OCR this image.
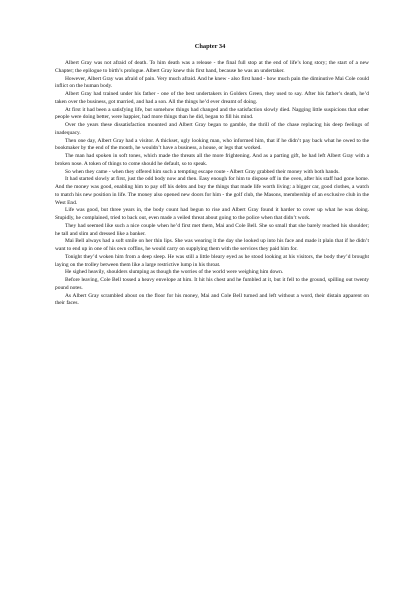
Chapter 34

Albert Gray was not afraid of death. To him death was a release - the final full stop at the end of life’s long story; the start of a new Chapter; the epilogue to birth’s prologue. Albert Gray knew this first hand, because he was an undertaker.

However, Albert Gray was afraid of pain. Very much afraid. And he knew - also first hand - how much pain the diminutive Mai Cole could inflict on the human body.

Albert Gray had trained under his father - one of the best undertakers in Golders Green, they used to say. After his father’s death, he’d taken over the business, got married, and had a son. All the things he’d ever dreamt of doing.

At first it had been a satisfying life, but somehow things had changed and the satisfaction slowly died. Nagging little suspicions that other people were doing better, were happier, had more things than he did, began to fill his mind.

Over the years these dissatisfaction mounted and Albert Gray began to gamble, the thrill of the chase replacing his deep feelings of inadequacy.

Then one day, Albert Gray had a visitor. A thickset, ugly looking man, who informed him, that if he didn’t pay back what he owed to the bookmaker by the end of the month, he wouldn’t have a business, a house, or legs that worked.

The man had spoken in soft tones, which made the threats all the more frightening. And as a parting gift, he had left Albert Gray with a broken nose. A token of things to come should he default, so to speak.

So when they came - when they offered him such a tempting escape route - Albert Gray grabbed their money with both hands.

It had started slowly at first, just the odd body now and then. Easy enough for him to dispose off in the oven, after his staff had gone home. And the money was good, enabling him to pay off his debts and buy the things that made life worth living: a bigger car, good clothes, a watch to match his new position in life. The money also opened new doors for him - the golf club, the Masons, membership of an exclusive club in the West End.

Life was good, but three years in, the body count had begun to rise and Albert Gray found it harder to cover up what he was doing. Stupidly, he complained, tried to back out, even made a veiled threat about going to the police when that didn’t work.

They had seemed like such a nice couple when he’d first met them, Mai and Cole Bell. She so small that she barely reached his shoulder; he tall and slim and dressed like a banker.

Mai Bell always had a soft smile on her thin lips. She was wearing it the day she looked up into his face and made it plain that if he didn’t want to end up in one of his own coffins, he would carry on supplying them with the services they paid him for.

Tonight they’d woken him from a deep sleep. He was still a little bleary eyed as he stood looking at his visitors, the body they’d brought laying on the trolley between them like a large restrictive lump in his throat.

He sighed heavily, shoulders slumping as though the worries of the world were weighing him down.

Before leaving, Cole Bell tossed a heavy envelope at him. It hit his chest and he fumbled at it, but it fell to the ground, spilling out twenty pound notes.

As Albert Gray scrambled about on the floor for his money, Mai and Cole Bell turned and left without a word, their distain apparent on their faces.
